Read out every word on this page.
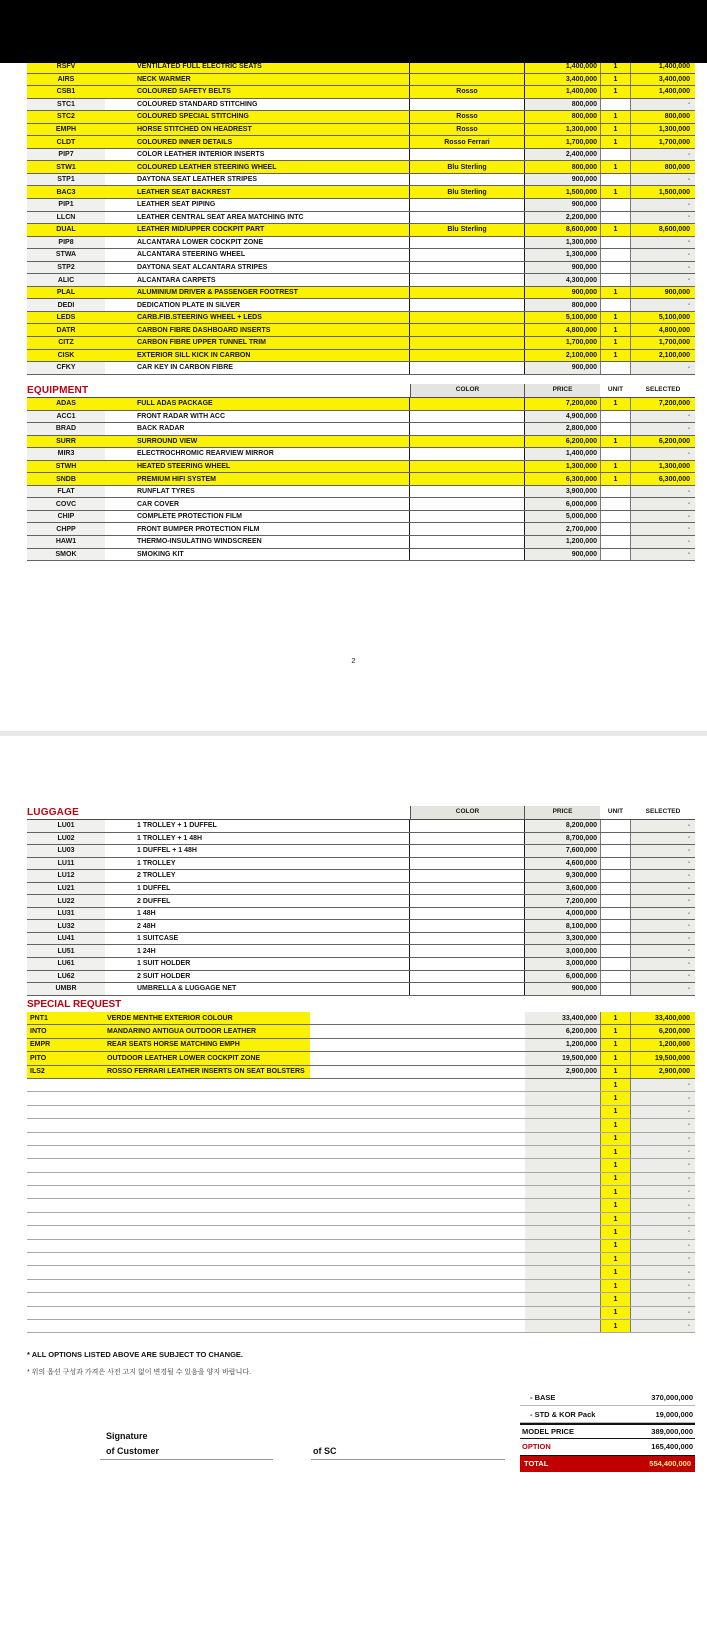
RSFV	VENTILATED FULL ELECTRIC SEATS	1,400,000	1	1,400,000
AIRS	NECK WARMER	3,400,000	1	3,400,000
CSB1	COLOURED SAFETY BELTS	Rosso	1,400,000	1	1,400,000
STC1	COLOURED STANDARD STITCHING	800,000	-
STC2	COLOURED SPECIAL STITCHING	Rosso	800,000	1	800,000
EMPH	HORSE STITCHED ON HEADREST	Rosso	1,300,000	1	1,300,000
CLDT	COLOURED INNER DETAILS	Rosso Ferrari	1,700,000	1	1,700,000
PIP7	COLOR LEATHER INTERIOR INSERTS	2,400,000	-
STW1	COLOURED LEATHER STEERING WHEEL	Blu Sterling	800,000	1	800,000
STP1	DAYTONA SEAT LEATHER STRIPES	900,000	-
BAC3	LEATHER SEAT BACKREST	Blu Sterling	1,500,000	1	1,500,000
PIP1	LEATHER SEAT PIPING	900,000	-
LLCN	LEATHER CENTRAL SEAT AREA MATCHING INTC	2,200,000	-
DUAL	LEATHER MID/UPPER COCKPIT PART	Blu Sterling	8,600,000	1	8,600,000
PIP8	ALCANTARA LOWER COCKPIT ZONE	1,300,000	-
STWA	ALCANTARA STEERING WHEEL	1,300,000	-
STP2	DAYTONA SEAT ALCANTARA STRIPES	900,000	-
ALIC	ALCANTARA CARPETS	4,300,000	-
PLAL	ALUMINIUM DRIVER & PASSENGER FOOTREST	900,000	1	900,000
DEDI	DEDICATION PLATE IN SILVER	800,000	-
LEDS	CARB.FIB.STEERING WHEEL + LEDS	5,100,000	1	5,100,000
DATR	CARBON FIBRE DASHBOARD INSERTS	4,800,000	1	4,800,000
CITZ	CARBON FIBRE UPPER TUNNEL TRIM	1,700,000	1	1,700,000
CISK	EXTERIOR SILL KICK IN CARBON	2,100,000	1	2,100,000
CFKY	CAR KEY IN CARBON FIBRE	900,000	-
EQUIPMENT	COLOR	PRICE	UNIT	SELECTED
ADAS	FULL ADAS PACKAGE	7,200,000	1	7,200,000
ACC1	FRONT RADAR WITH ACC	4,900,000	-
BRAD	BACK RADAR	2,800,000	-
SURR	SURROUND VIEW	6,200,000	1	6,200,000
MIR3	ELECTROCHROMIC REARVIEW MIRROR	1,400,000	-
STWH	HEATED STEERING WHEEL	1,300,000	1	1,300,000
SNDB	PREMIUM HIFI SYSTEM	6,300,000	1	6,300,000
FLAT	RUNFLAT TYRES	3,900,000	-
COVC	CAR COVER	6,000,000	-
CHIP	COMPLETE PROTECTION FILM	5,000,000	-
CHPP	FRONT BUMPER PROTECTION FILM	2,700,000	-
HAW1	THERMO-INSULATING WINDSCREEN	1,200,000	-
SMOK	SMOKING KIT	900,000	-
2
LUGGAGE	COLOR	PRICE	UNIT	SELECTED
LU01	1 TROLLEY + 1 DUFFEL	8,200,000	-
LU02	1 TROLLEY + 1 48H	8,700,000	-
LU03	1 DUFFEL + 1 48H	7,600,000	-
LU11	1 TROLLEY	4,600,000	-
LU12	2 TROLLEY	9,300,000	-
LU21	1 DUFFEL	3,600,000	-
LU22	2 DUFFEL	7,200,000	-
LU31	1 48H	4,000,000	-
LU32	2 48H	8,100,000	-
LU41	1 SUITCASE	3,300,000	-
LU51	1 24H	3,000,000	-
LU61	1 SUIT HOLDER	3,000,000	-
LU62	2 SUIT HOLDER	6,000,000	-
UMBR	UMBRELLA & LUGGAGE NET	900,000	-
SPECIAL REQUEST
PNT1	VERDE MENTHE EXTERIOR COLOUR	33,400,000	1	33,400,000
INTO	MANDARINO ANTIGUA OUTDOOR LEATHER	6,200,000	1	6,200,000
EMPR	REAR SEATS HORSE MATCHING EMPH	1,200,000	1	1,200,000
PITO	OUTDOOR LEATHER LOWER COCKPIT ZONE	19,500,000	1	19,500,000
ILS2	ROSSO FERRARI LEATHER INSERTS ON SEAT BOLSTERS	2,900,000	1	2,900,000
1	-
1	-
1	-
1	-
1	-
1	-
1	-
1	-
1	-
1	-
1	-
1	-
1	-
1	-
1	-
1	-
1	-
1	-
1	-
* ALL OPTIONS LISTED ABOVE ARE SUBJECT TO CHANGE.
* 위의 옵션 구성과 가격은 사전 고지 없이 변경될 수 있음을 양지 바랍니다.
- BASE	370,000,000
- STD & KOR Pack	19,000,000
MODEL PRICE	389,000,000
OPTION	165,400,000
TOTAL	554,400,000
Signature
of Customer	of SC
